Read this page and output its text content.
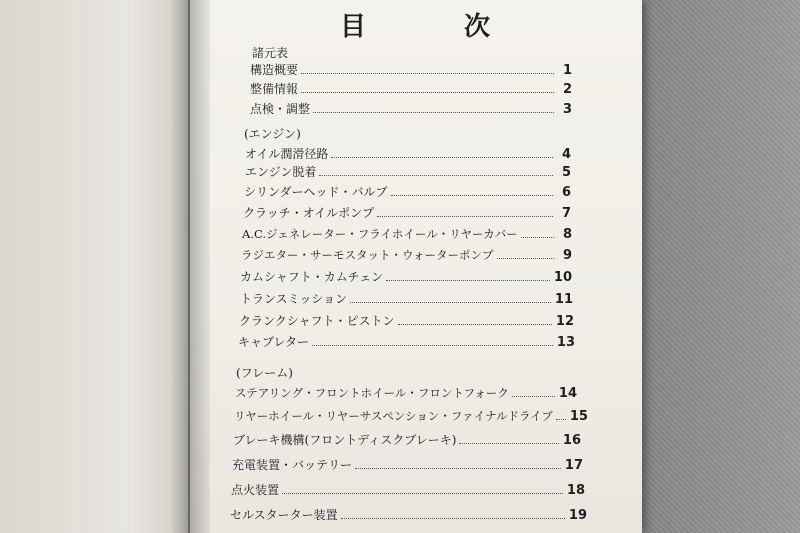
目	次
諸元表
構造概要	1
整備情報	2
点検・調整	3
(エンジン)
オイル潤滑径路	4
エンジン脱着	5
シリンダーヘッド・バルブ	6
クラッチ・オイルポンプ	7
A.C.ジェネレーター・フライホイール・リヤーカバー	8
ラジエター・サーモスタット・ウォーターポンプ	9
カムシャフト・カムチェン	10
トランスミッション	11
クランクシャフト・ピストン	12
キャブレター	13
(フレーム)
ステアリング・フロントホイール・フロントフォーク	14
リヤーホイール・リヤーサスペンション・ファイナルドライブ 15
ブレーキ機構(フロントディスクブレーキ)	16
充電装置・バッテリー	17
点火装置	18
セルスターター装置	19
